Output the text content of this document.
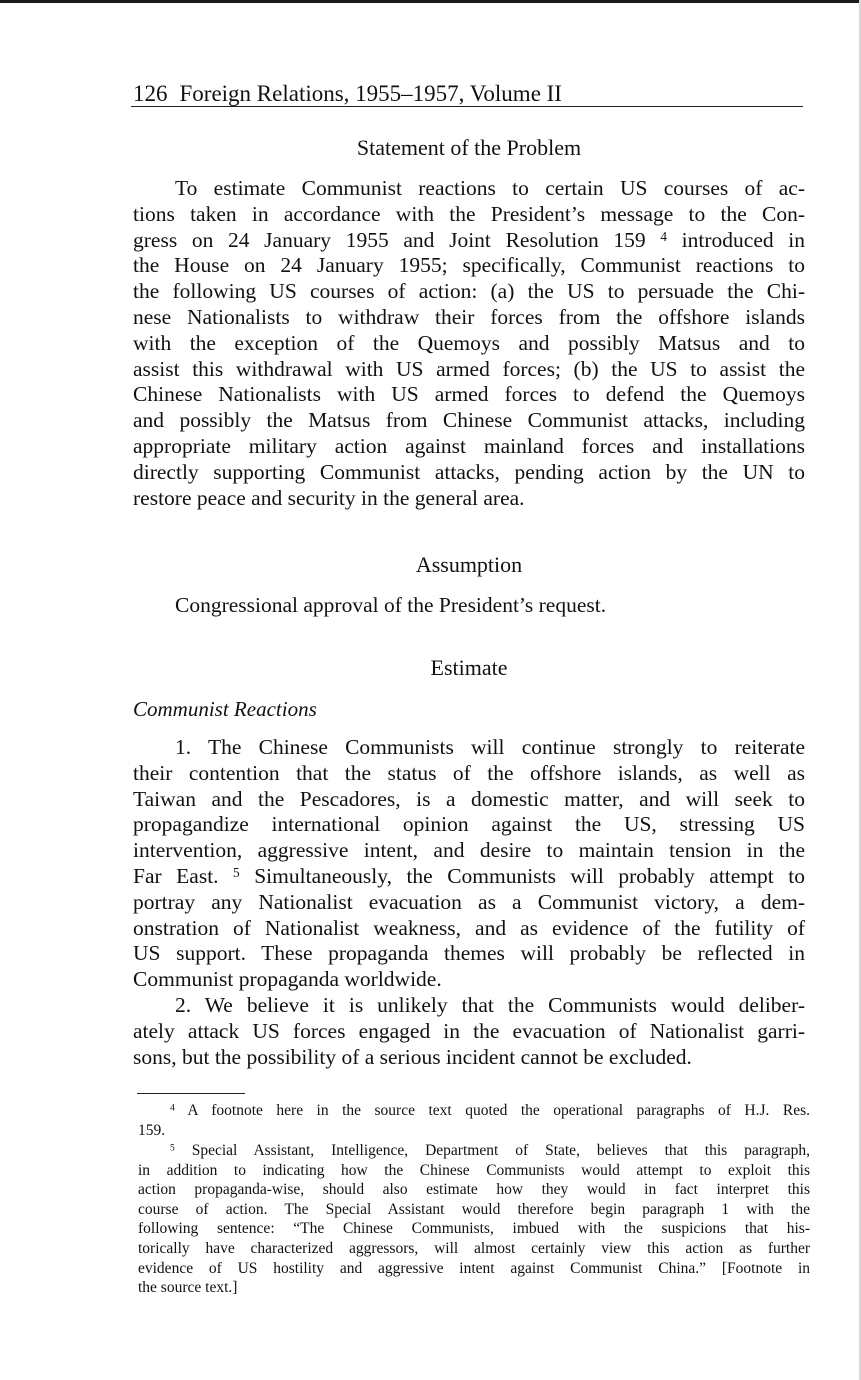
126 Foreign Relations, 1955–1957, Volume II
Statement of the Problem

To estimate Communist reactions to certain US courses of ac-
tions taken in accordance with the President’s message to the Con-
gress on 24 January 1955 and Joint Resolution 159 $^4$ introduced in
the House on 24 January 1955; specifically, Communist reactions to
the following US courses of action: (a) the US to persuade the Chi-
nese Nationalists to withdraw their forces from the offshore islands
with the exception of the Quemoys and possibly Matsus and to
assist this withdrawal with US armed forces; (b) the US to assist the
Chinese Nationalists with US armed forces to defend the Quemoys
and possibly the Matsus from Chinese Communist attacks, including
appropriate military action against mainland forces and installations
directly supporting Communist attacks, pending action by the UN to
restore peace and security in the general area.

Assumption

Congressional approval of the President’s request.

Estimate
Communist Reactions

1. The Chinese Communists will continue strongly to reiterate
their contention that the status of the offshore islands, as well as
Taiwan and the Pescadores, is a domestic matter, and will seek to
propagandize international opinion against the US, stressing US
intervention, aggressive intent, and desire to maintain tension in the
Far East. $^5$ Simultaneously, the Communists will probably attempt to
portray any Nationalist evacuation as a Communist victory, a dem-
onstration of Nationalist weakness, and as evidence of the futility of
US support. These propaganda themes will probably be reflected in
Communist propaganda worldwide.

2. We believe it is unlikely that the Communists would deliber-
ately attack US forces engaged in the evacuation of Nationalist garri-
sons, but the possibility of a serious incident cannot be excluded.

$^4$ A footnote here in the source text quoted the operational paragraphs of H.J. Res.
159.

$^5$ Special Assistant, Intelligence, Department of State, believes that this paragraph,
in addition to indicating how the Chinese Communists would attempt to exploit this
action propaganda-wise, should also estimate how they would in fact interpret this
course of action. The Special Assistant would therefore begin paragraph 1 with the
following sentence: “The Chinese Communists, imbued with the suspicions that his-
torically have characterized aggressors, will almost certainly view this action as further
evidence of US hostility and aggressive intent against Communist China.” [Footnote in
the source text.]
